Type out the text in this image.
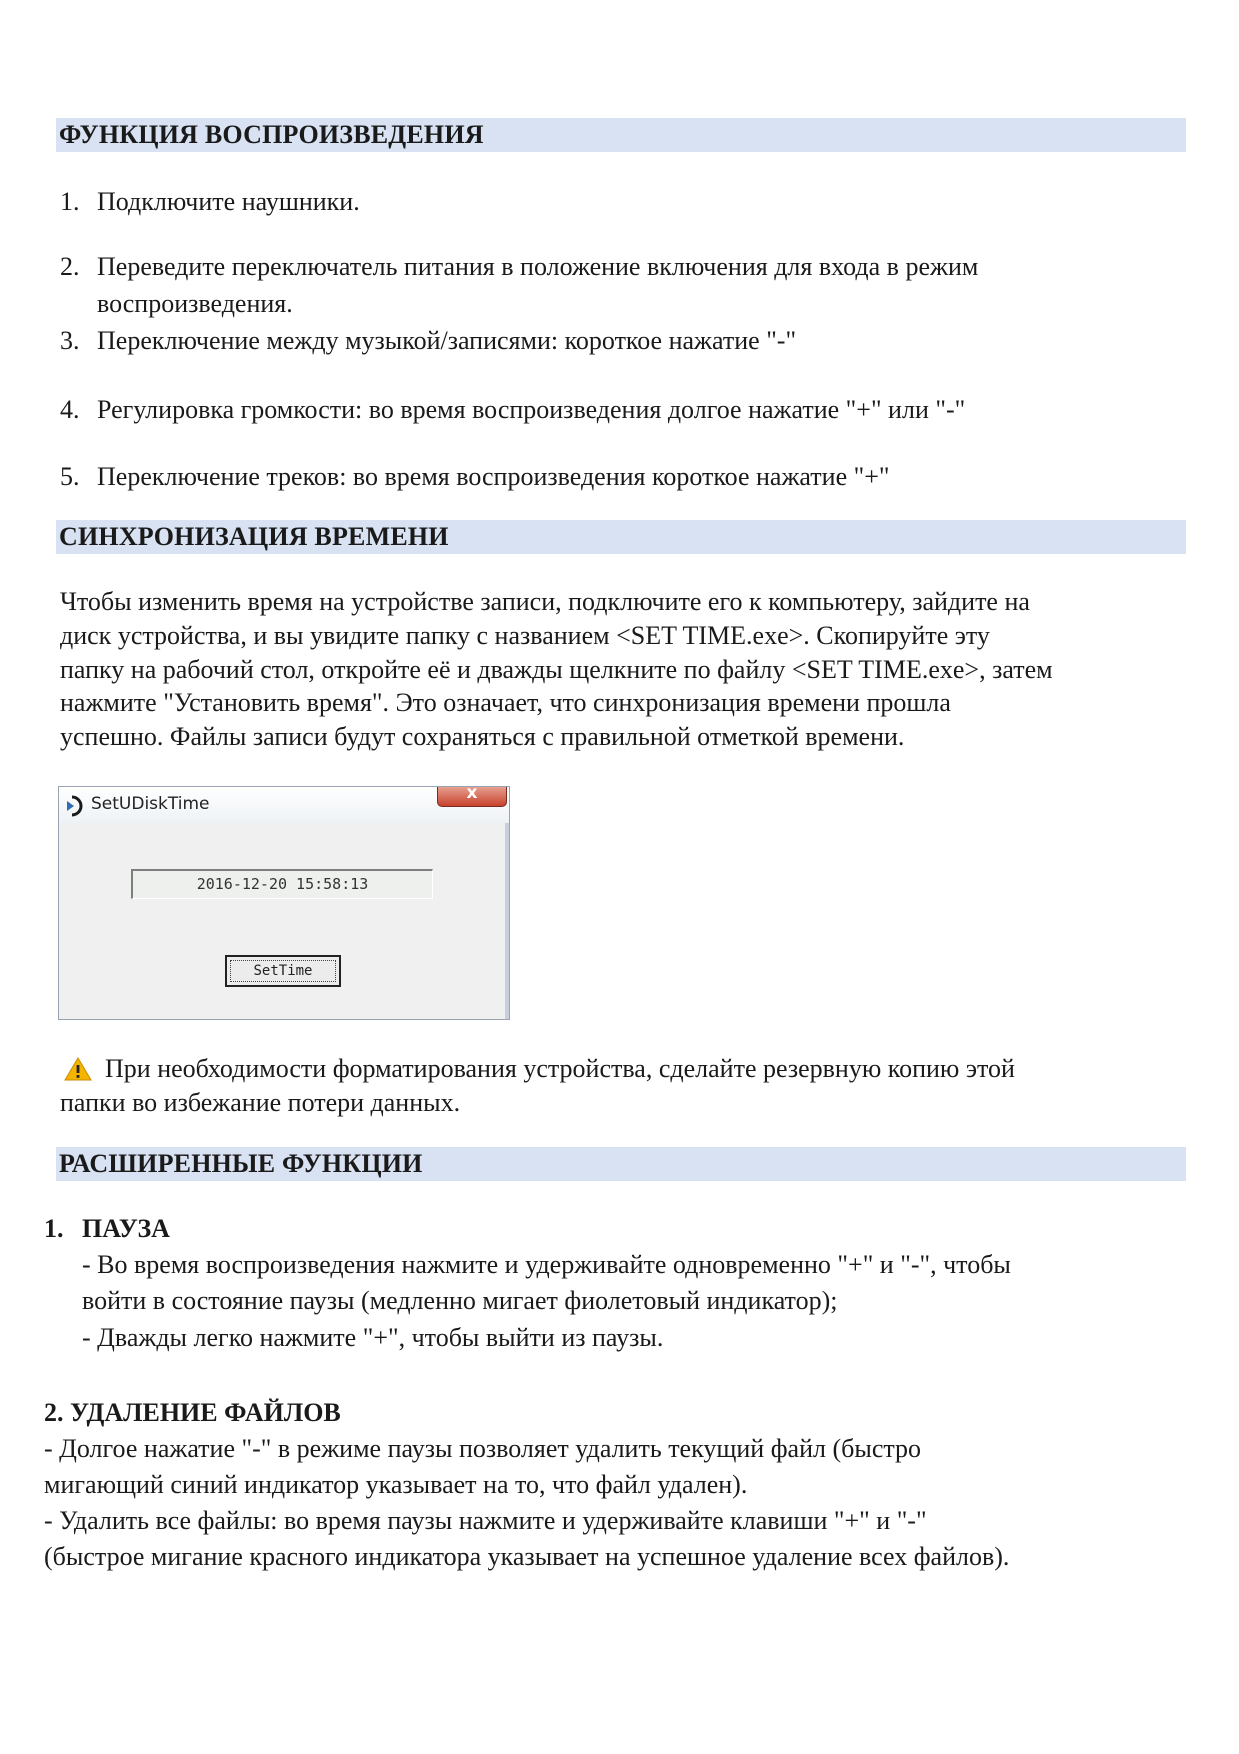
ФУНКЦИЯ ВОСПРОИЗВЕДЕНИЯ
1. Подключите наушники.
2. Переведите переключатель питания в положение включения для входа в режим
воспроизведения.
3. Переключение между музыкой/записями: короткое нажатие "-"
4. Регулировка громкости: во время воспроизведения долгое нажатие "+" или "-"
5. Переключение треков: во время воспроизведения короткое нажатие "+"
СИНХРОНИЗАЦИЯ ВРЕМЕНИ
Чтобы изменить время на устройстве записи, подключите его к компьютеру, зайдите на
диск устройства, и вы увидите папку с названием <SET TIME.exe>. Скопируйте эту
папку на рабочий стол, откройте её и дважды щелкните по файлу <SET TIME.exe>, затем
нажмите "Установить время". Это означает, что синхронизация времени прошла
успешно. Файлы записи будут сохраняться с правильной отметкой времени.
SetUDiskTime
x
2016-12-20 15:58:13
SetTime
При необходимости форматирования устройства, сделайте резервную копию этой
папки во избежание потери данных.
РАСШИРЕННЫЕ ФУНКЦИИ
1. ПАУЗА
- Во время воспроизведения нажмите и удерживайте одновременно "+" и "-", чтобы
войти в состояние паузы (медленно мигает фиолетовый индикатор);
- Дважды легко нажмите "+", чтобы выйти из паузы.
2. УДАЛЕНИЕ ФАЙЛОВ
- Долгое нажатие "-" в режиме паузы позволяет удалить текущий файл (быстро
мигающий синий индикатор указывает на то, что файл удален).
- Удалить все файлы: во время паузы нажмите и удерживайте клавиши "+" и "-"
(быстрое мигание красного индикатора указывает на успешное удаление всех файлов).
